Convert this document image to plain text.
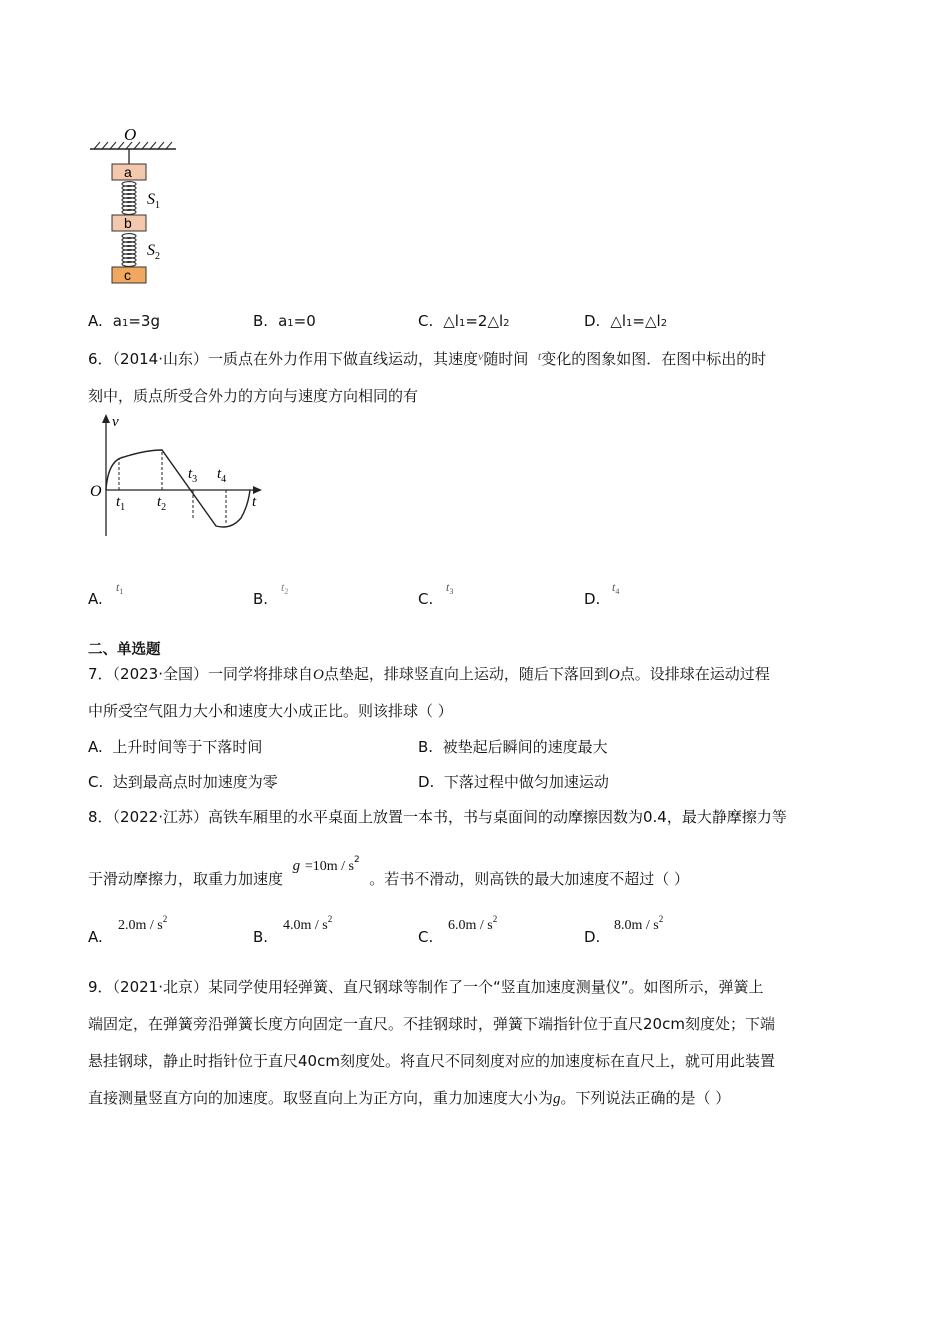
O
a
$S_1$
b
$S_2$
c
A. a1=3g	B. a1=0	C. △l1=2△l2	D. △l1=△l2
6．（2014·山东）一质点在外力作用下做直线运动，其速度$^v$随时间 $^t$变化的图象如图．在图中标出的时
刻中，质点所受合外力的方向与速度方向相同的有
v
O
t
$t_1$ $t_2$
$t_3$ $t_4$
A.
$t_1$	B.
$t_2$	C.
$t_3$	D.
$t_4$
二、单选题
7．（2023·全国）一同学将排球自O点垫起，排球竖直向上运动，随后下落回到O点。设排球在运动过程
中所受空气阻力大小和速度大小成正比。则该排球（ ）
A. 上升时间等于下落时间	B. 被垫起后瞬间的速度最大
C. 达到最高点时加速度为零	D. 下落过程中做匀加速运动
8．（2022·江苏）高铁车厢里的水平桌面上放置一本书，书与桌面间的动摩擦因数为0.4，最大静摩擦力等
于滑动摩擦力，取重力加速度  $g =10m / s^2$  。若书不滑动，则高铁的最大加速度不超过（ ）
A.
$2.0m / s^2$
B.
$4.0m / s^2$
C.
$6.0m / s^2$
D.
$8.0m / s^2$
9．（2021·北京）某同学使用轻弹簧、直尺钢球等制作了一个“竖直加速度测量仪”。如图所示，弹簧上
端固定，在弹簧旁沿弹簧长度方向固定一直尺。不挂钢球时，弹簧下端指针位于直尺20cm刻度处；下端
悬挂钢球，静止时指针位于直尺40cm刻度处。将直尺不同刻度对应的加速度标在直尺上，就可用此装置
直接测量竖直方向的加速度。取竖直向上为正方向，重力加速度大小为g。下列说法正确的是（ ）
